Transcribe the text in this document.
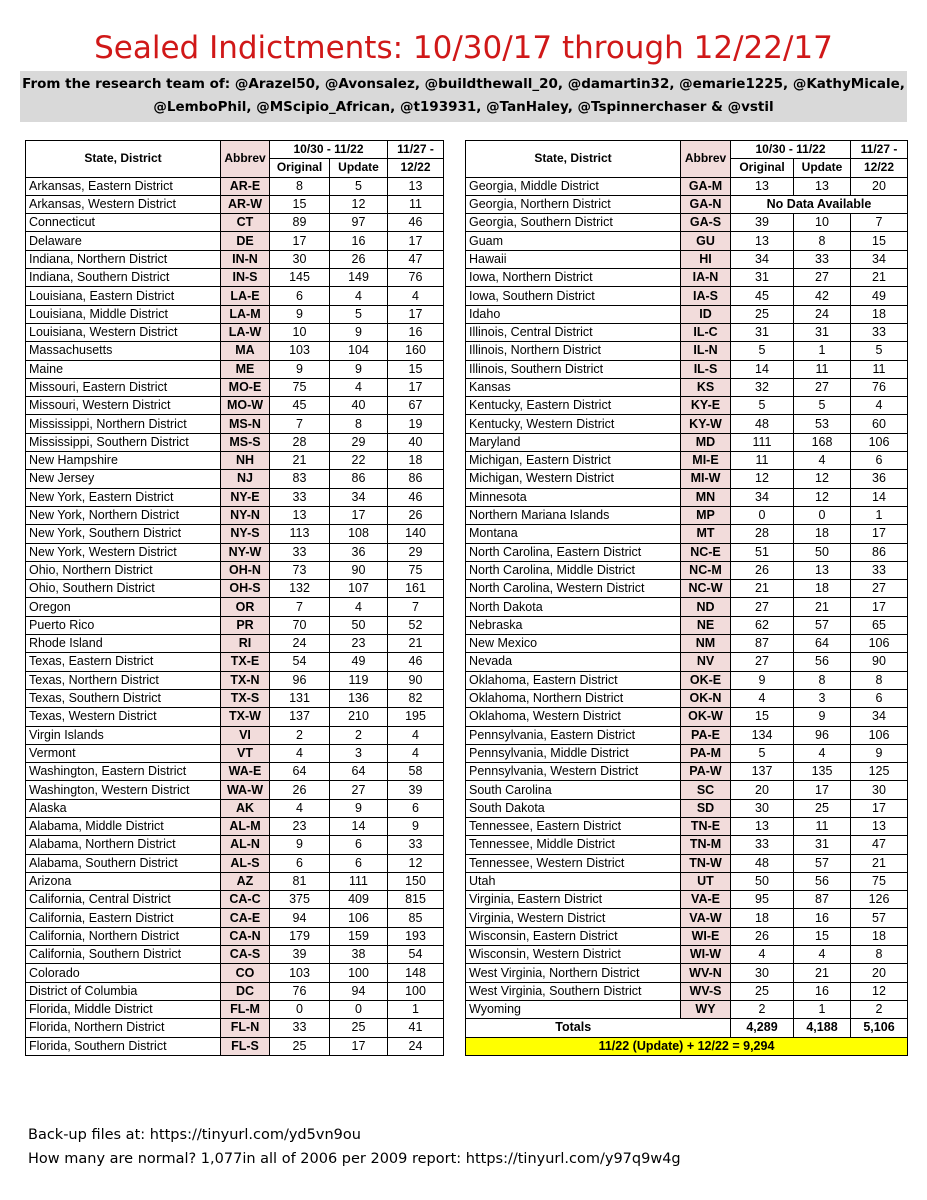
Sealed Indictments: 10/30/17 through 12/22/17
From the research team of: @Arazel50, @Avonsalez, @buildthewall_20, @damartin32, @emarie1225, @KathyMicale,
@LemboPhil, @MScipio_African, @t193931, @TanHaley, @Tspinnerchaser & @vstil
State, District	Abbrev	10/30 - 11/22		11/27 -
		Original	Update	12/22
Arkansas, Eastern District	AR-E	8	5	13
Arkansas, Western District	AR-W	15	12	11
Connecticut	CT	89	97	46
Delaware	DE	17	16	17
Indiana, Northern District	IN-N	30	26	47
Indiana, Southern District	IN-S	145	149	76
Louisiana, Eastern District	LA-E	6	4	4
Louisiana, Middle District	LA-M	9	5	17
Louisiana, Western District	LA-W	10	9	16
Massachusetts	MA	103	104	160
Maine	ME	9	9	15
Missouri, Eastern District	MO-E	75	4	17
Missouri, Western District	MO-W	45	40	67
Mississippi, Northern District	MS-N	7	8	19
Mississippi, Southern District	MS-S	28	29	40
New Hampshire	NH	21	22	18
New Jersey	NJ	83	86	86
New York, Eastern District	NY-E	33	34	46
New York, Northern District	NY-N	13	17	26
New York, Southern District	NY-S	113	108	140
New York, Western District	NY-W	33	36	29
Ohio, Northern District	OH-N	73	90	75
Ohio, Southern District	OH-S	132	107	161
Oregon	OR	7	4	7
Puerto Rico	PR	70	50	52
Rhode Island	RI	24	23	21
Texas, Eastern District	TX-E	54	49	46
Texas, Northern District	TX-N	96	119	90
Texas, Southern District	TX-S	131	136	82
Texas, Western District	TX-W	137	210	195
Virgin Islands	VI	2	2	4
Vermont	VT	4	3	4
Washington, Eastern District	WA-E	64	64	58
Washington, Western District	WA-W	26	27	39
Alaska	AK	4	9	6
Alabama, Middle District	AL-M	23	14	9
Alabama, Northern District	AL-N	9	6	33
Alabama, Southern District	AL-S	6	6	12
Arizona	AZ	81	111	150
California, Central District	CA-C	375	409	815
California, Eastern District	CA-E	94	106	85
California, Northern District	CA-N	179	159	193
California, Southern District	CA-S	39	38	54
Colorado	CO	103	100	148
District of Columbia	DC	76	94	100
Florida, Middle District	FL-M	0	0	1
Florida, Northern District	FL-N	33	25	41
Florida, Southern District	FL-S	25	17	24
State, District	Abbrev	10/30 - 11/22		11/27 -
		Original	Update	12/22
Georgia, Middle District	GA-M	13	13	20
Georgia, Northern District	GA-N	No Data Available		
Georgia, Southern District	GA-S	39	10	7
Guam	GU	13	8	15
Hawaii	HI	34	33	34
Iowa, Northern District	IA-N	31	27	21
Iowa, Southern District	IA-S	45	42	49
Idaho	ID	25	24	18
Illinois, Central District	IL-C	31	31	33
Illinois, Northern District	IL-N	5	1	5
Illinois, Southern District	IL-S	14	11	11
Kansas	KS	32	27	76
Kentucky, Eastern District	KY-E	5	5	4
Kentucky, Western District	KY-W	48	53	60
Maryland	MD	111	168	106
Michigan, Eastern District	MI-E	11	4	6
Michigan, Western District	MI-W	12	12	36
Minnesota	MN	34	12	14
Northern Mariana Islands	MP	0	0	1
Montana	MT	28	18	17
North Carolina, Eastern District	NC-E	51	50	86
North Carolina, Middle District	NC-M	26	13	33
North Carolina, Western District	NC-W	21	18	27
North Dakota	ND	27	21	17
Nebraska	NE	62	57	65
New Mexico	NM	87	64	106
Nevada	NV	27	56	90
Oklahoma, Eastern District	OK-E	9	8	8
Oklahoma, Northern District	OK-N	4	3	6
Oklahoma, Western District	OK-W	15	9	34
Pennsylvania, Eastern District	PA-E	134	96	106
Pennsylvania, Middle District	PA-M	5	4	9
Pennsylvania, Western District	PA-W	137	135	125
South Carolina	SC	20	17	30
South Dakota	SD	30	25	17
Tennessee, Eastern District	TN-E	13	11	13
Tennessee, Middle District	TN-M	33	31	47
Tennessee, Western District	TN-W	48	57	21
Utah	UT	50	56	75
Virginia, Eastern District	VA-E	95	87	126
Virginia, Western District	VA-W	18	16	57
Wisconsin, Eastern District	WI-E	26	15	18
Wisconsin, Western District	WI-W	4	4	8
West Virginia, Northern District	WV-N	30	21	20
West Virginia, Southern District	WV-S	25	16	12
Wyoming	WY	2	1	2
Totals		4,289	4,188	5,106
11/22 (Update) + 12/22 = 9,294				
Back-up files at: https://tinyurl.com/yd5vn9ou
How many are normal? 1,077in all of 2006 per 2009 report: https://tinyurl.com/y97q9w4g
